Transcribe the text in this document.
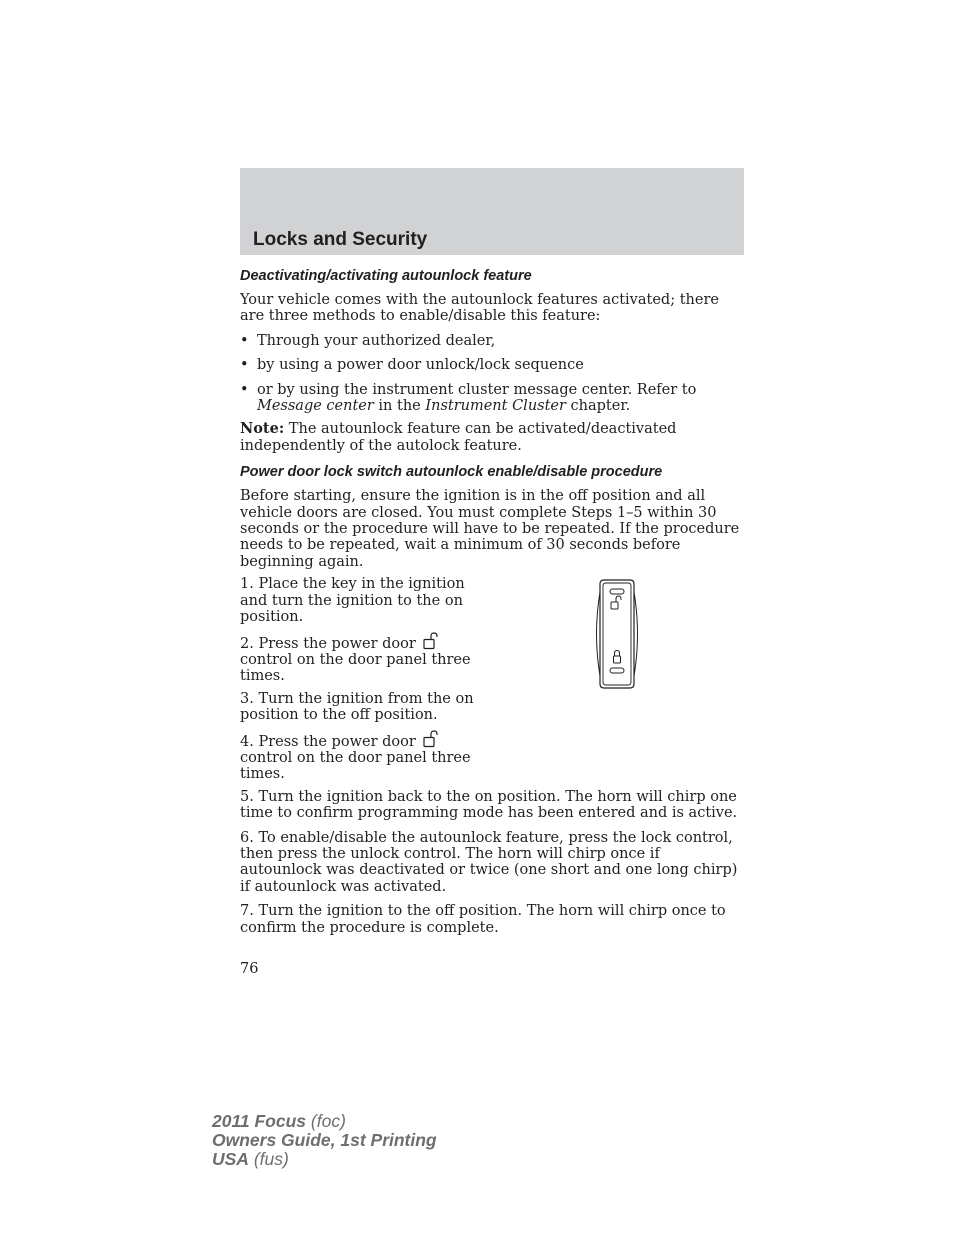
Locks and Security
Deactivating/activating autounlock feature

Your vehicle comes with the autounlock features activated; there are three methods to enable/disable this feature:

• Through your authorized dealer,
• by using a power door unlock/lock sequence
• or by using the instrument cluster message center. Refer to Message center in the Instrument Cluster chapter.

Note: The autounlock feature can be activated/deactivated independently of the autolock feature.

Power door lock switch autounlock enable/disable procedure

Before starting, ensure the ignition is in the off position and all vehicle doors are closed. You must complete Steps 1–5 within 30 seconds or the procedure will have to be repeated. If the procedure needs to be repeated, wait a minimum of 30 seconds before beginning again.

1. Place the key in the ignition and turn the ignition to the on position.

2. Press the power door  control on the door panel three times.

3. Turn the ignition from the on position to the off position.

4. Press the power door  control on the door panel three times.

5. Turn the ignition back to the on position. The horn will chirp one time to confirm programming mode has been entered and is active.

6. To enable/disable the autounlock feature, press the lock control, then press the unlock control. The horn will chirp once if autounlock was deactivated or twice (one short and one long chirp) if autounlock was activated.

7. Turn the ignition to the off position. The horn will chirp once to confirm the procedure is complete.

76
2011 Focus (foc)
Owners Guide, 1st Printing
USA (fus)
